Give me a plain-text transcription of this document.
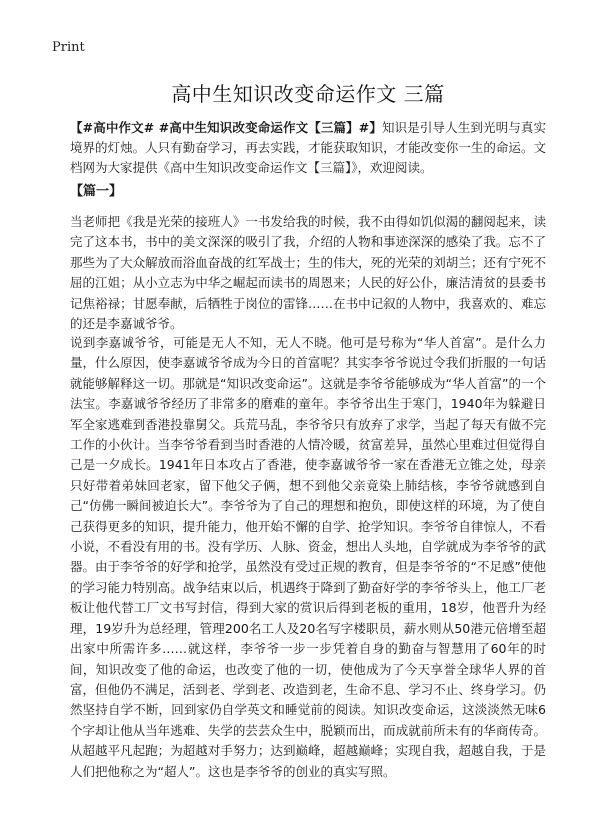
Print
高中生知识改变命运作文 三篇

【#高中作文# #高中生知识改变命运作文【三篇】#】知识是引导人生到光明与真实境界的灯烛。人只有勤奋学习，再去实践，才能获取知识，才能改变你一生的命运。文档网为大家提供《高中生知识改变命运作文【三篇】》，欢迎阅读。

【篇一】

当老师把《我是光荣的接班人》一书发给我的时候，我不由得如饥似渴的翻阅起来，读完了这本书，书中的美文深深的吸引了我，介绍的人物和事迹深深的感染了我。忘不了那些为了大众解放而浴血奋战的红军战士；生的伟大，死的光荣的刘胡兰；还有宁死不屈的江姐；从小立志为中华之崛起而读书的周恩来；人民的好公仆，廉洁清贫的县委书记焦裕禄；甘愿奉献，后牺牲于岗位的雷锋……在书中记叙的人物中，我喜欢的、难忘的还是李嘉诚爷爷。

说到李嘉诚爷爷，可能是无人不知，无人不晓。他可是号称为“华人首富”。是什么力量，什么原因，使李嘉诚爷爷成为今日的首富呢？其实李爷爷说过令我们折服的一句话就能够解释这一切。那就是“知识改变命运”。这就是李爷爷能够成为“华人首富”的一个法宝。李嘉诚爷爷经历了非常多的磨难的童年。李爷爷出生于寒门，1940年为躲避日军全家逃难到香港投靠舅父。兵荒马乱，李爷爷只有放弃了求学，当起了每天有做不完工作的小伙计。当李爷爷看到当时香港的人情冷暖，贫富差异，虽然心里难过但觉得自己是一夕成长。1941年日本攻占了香港，使李嘉诚爷爷一家在香港无立锥之处，母亲只好带着弟妹回老家，留下他父子俩，想不到他父亲竟染上肺结核，李爷爷就感到自己“仿佛一瞬间被迫长大”。李爷爷为了自己的理想和抱负，即使这样的环境，为了使自己获得更多的知识，提升能力，他开始不懈的自学、抢学知识。李爷爷自律惊人，不看小说，不看没有用的书。没有学历、人脉、资金，想出人头地，自学就成为李爷爷的武器。由于李爷爷的好学和抢学，虽然没有受过正规的教育，但是李爷爷的“不足感”使他的学习能力特别高。战争结束以后，机遇终于降到了勤奋好学的李爷爷头上，他工厂老板让他代替工厂文书写封信，得到大家的赏识后得到老板的重用，18岁，他晋升为经理，19岁升为总经理，管理200名工人及20名写字楼职员，薪水则从50港元倍增至超出家中所需许多……就这样，李爷爷一步一步凭着自身的勤奋与智慧用了60年的时间，知识改变了他的命运，也改变了他的一切，使他成为了今天享誉全球华人界的首富，但他仍不满足，活到老、学到老、改造到老，生命不息、学习不止、终身学习。仍然坚持自学不断，回到家仍自学英文和睡觉前的阅读。知识改变命运，这淡淡然无味6个字却让他从当年逃难、失学的芸芸众生中，脱颖而出，而成就前所未有的华商传奇。从超越平凡起跑；为超越对手努力；达到巅峰，超越巅峰；实现自我，超越自我，于是人们把他称之为“超人”。这也是李爷爷的创业的真实写照。
